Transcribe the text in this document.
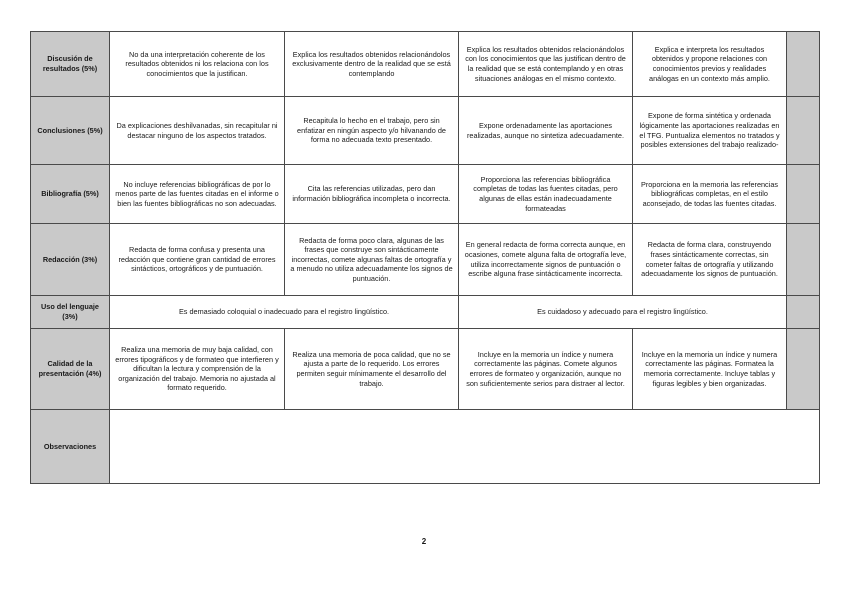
Discusión de resultados (5%)	No da una interpretación coherente de los resultados obtenidos ni los relaciona con los conocimientos que la justifican.	Explica los resultados obtenidos relacionándolos exclusivamente dentro de la realidad que se está contemplando	Explica los resultados obtenidos relacionándolos con los conocimientos que las justifican dentro de la realidad que se está contemplando y en otras situaciones análogas en el mismo contexto.	Explica e interpreta los resultados obtenidos y propone relaciones con conocimientos previos y realidades análogas en un contexto más amplio.	
Conclusiones (5%)	Da explicaciones deshilvanadas, sin recapitular ni destacar ninguno de los aspectos tratados.	Recapitula lo hecho en el trabajo, pero sin enfatizar en ningún aspecto y/o hilvanando de forma no adecuada texto presentado.	Expone ordenadamente las aportaciones realizadas, aunque no sintetiza adecuadamente.	Expone de forma sintética y ordenada lógicamente las aportaciones realizadas en el TFG. Puntualiza elementos no tratados y posibles extensiones del trabajo realizado-	
Bibliografía (5%)	No incluye referencias bibliográficas de por lo menos parte de las fuentes citadas en el informe o bien las fuentes bibliográficas no son adecuadas.	Cita las referencias utilizadas, pero dan información bibliográfica incompleta o incorrecta.	Proporciona las referencias bibliográfica completas de todas las fuentes citadas, pero algunas de ellas están inadecuadamente formateadas	Proporciona en la memoria las referencias bibliográficas completas, en el estilo aconsejado, de todas las fuentes citadas.	
Redacción (3%)	Redacta de forma confusa y presenta una redacción que contiene gran cantidad de errores sintácticos, ortográficos y de puntuación.	Redacta de forma poco clara, algunas de las frases que construye son sintácticamente incorrectas, comete algunas faltas de ortografía y a menudo no utiliza adecuadamente los signos de puntuación.	En general redacta de forma correcta aunque, en ocasiones, comete alguna falta de ortografía leve, utiliza incorrectamente signos de puntuación o escribe alguna frase sintácticamente incorrecta.	Redacta de forma clara, construyendo frases sintácticamente correctas, sin cometer faltas de ortografía y utilizando adecuadamente los signos de puntuación.	
Uso del lenguaje (3%)	Es demasiado coloquial o inadecuado para el registro lingüístico.		Es cuidadoso y adecuado para el registro lingüístico.		
Calidad de la presentación (4%)	Realiza una memoria de muy baja calidad, con errores tipográficos y de formateo que interfieren y dificultan la lectura y comprensión de la organización del trabajo. Memoria no ajustada al formato requerido.	Realiza una memoria de poca calidad, que no se ajusta a parte de lo requerido. Los errores permiten seguir mínimamente el desarrollo del trabajo.	Incluye en la memoria un índice y numera correctamente las páginas. Comete algunos errores de formateo y organización, aunque no son suficientemente serios para distraer al lector.	Incluye en la memoria un índice y numera correctamente las páginas. Formatea la memoria correctamente. Incluye tablas y figuras legibles y bien organizadas.	
Observaciones					
2
